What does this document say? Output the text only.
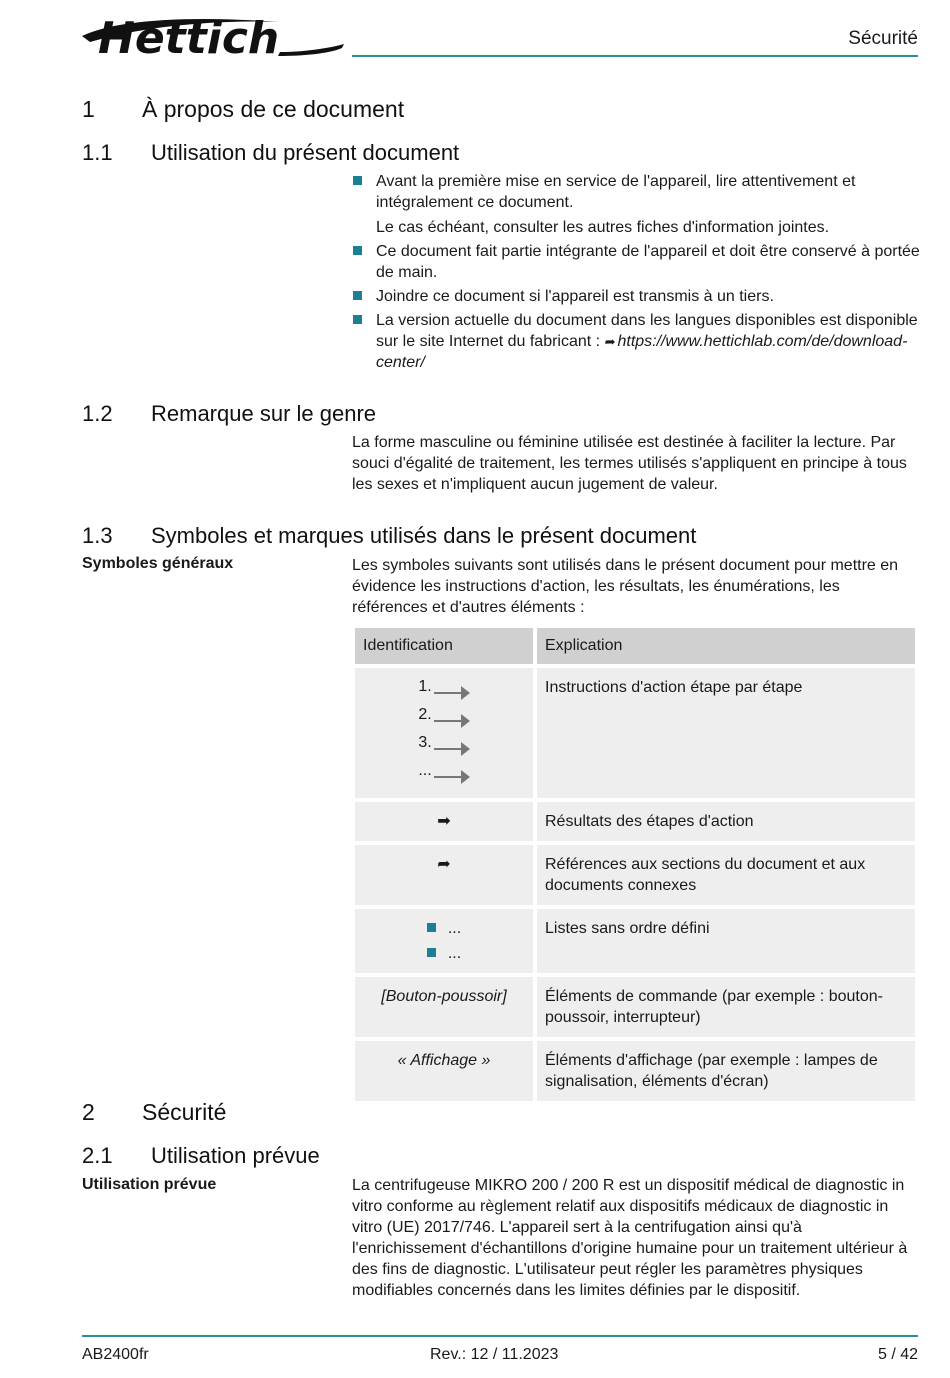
Hettich	Sécurité
1 À propos de ce document
1.1 Utilisation du présent document
Avant la première mise en service de l'appareil, lire attentivement et intégralement ce document.
Le cas échéant, consulter les autres fiches d'information jointes.
Ce document fait partie intégrante de l'appareil et doit être conservé à portée de main.
Joindre ce document si l'appareil est transmis à un tiers.
La version actuelle du document dans les langues disponibles est disponible sur le site Internet du fabricant : ➦ https://www.hettichlab.com/de/download-center/
1.2 Remarque sur le genre
La forme masculine ou féminine utilisée est destinée à faciliter la lecture. Par souci d'égalité de traitement, les termes utilisés s'appliquent en principe à tous les sexes et n'impliquent aucun jugement de valeur.
1.3 Symboles et marques utilisés dans le présent document
Symboles généraux	Les symboles suivants sont utilisés dans le présent document pour mettre en évidence les instructions d'action, les résultats, les énumérations, les références et d'autres éléments :
Identification	Explication

1.
2.
3.
...	Instructions d'action étape par étape
➡	Résultats des étapes d'action
➦	Références aux sections du document et aux documents connexes

...
...	Listes sans ordre défini
[Bouton-poussoir]	Éléments de commande (par exemple : bouton-poussoir, interrupteur)
« Affichage »	Éléments d'affichage (par exemple : lampes de signalisation, éléments d'écran)
2 Sécurité
2.1 Utilisation prévue
Utilisation prévue	La centrifugeuse MIKRO 200 / 200 R est un dispositif médical de diagnostic in vitro conforme au règlement relatif aux dispositifs médicaux de diagnostic in vitro (UE) 2017/746. L'appareil sert à la centrifugation ainsi qu'à l'enrichissement d'échantillons d'origine humaine pour un traitement ultérieur à des fins de diagnostic. L'utilisateur peut régler les paramètres physiques modifiables concernés dans les limites définies par le dispositif.
AB2400fr	Rev.: 12 / 11.2023	5 / 42
